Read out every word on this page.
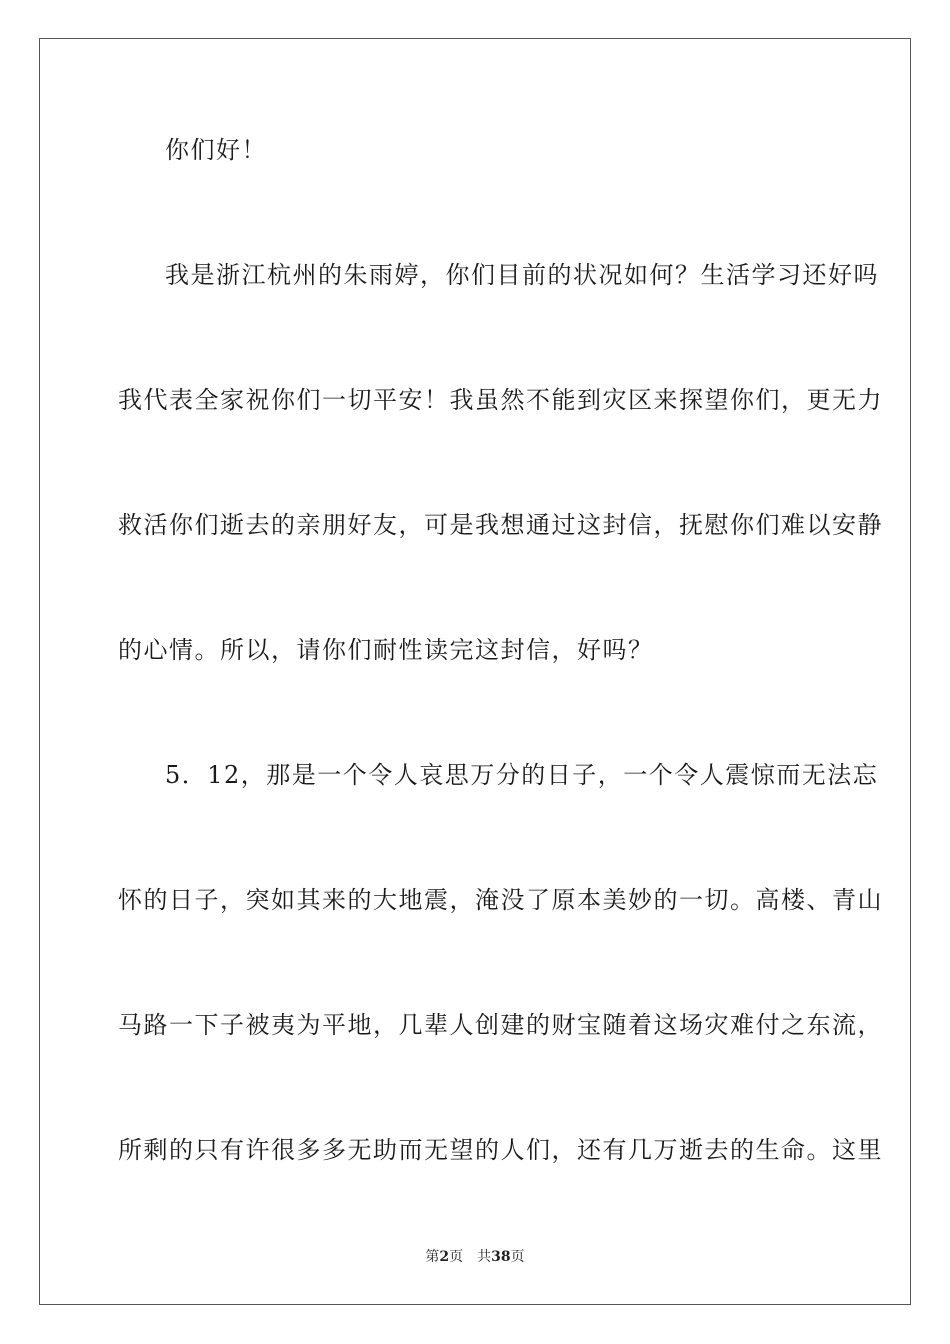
你们好！
我是浙江杭州的朱雨婷，你们目前的状况如何？生活学习还好吗
我代表全家祝你们一切平安！我虽然不能到灾区来探望你们，更无力
救活你们逝去的亲朋好友，可是我想通过这封信，抚慰你们难以安静
的心情。所以，请你们耐性读完这封信，好吗？
5．12，那是一个令人哀思万分的日子，一个令人震惊而无法忘
怀的日子，突如其来的大地震，淹没了原本美妙的一切。高楼、青山
马路一下子被夷为平地，几辈人创建的财宝随着这场灾难付之东流，
所剩的只有许很多多无助而无望的人们，还有几万逝去的生命。这里
第2页 共38页
